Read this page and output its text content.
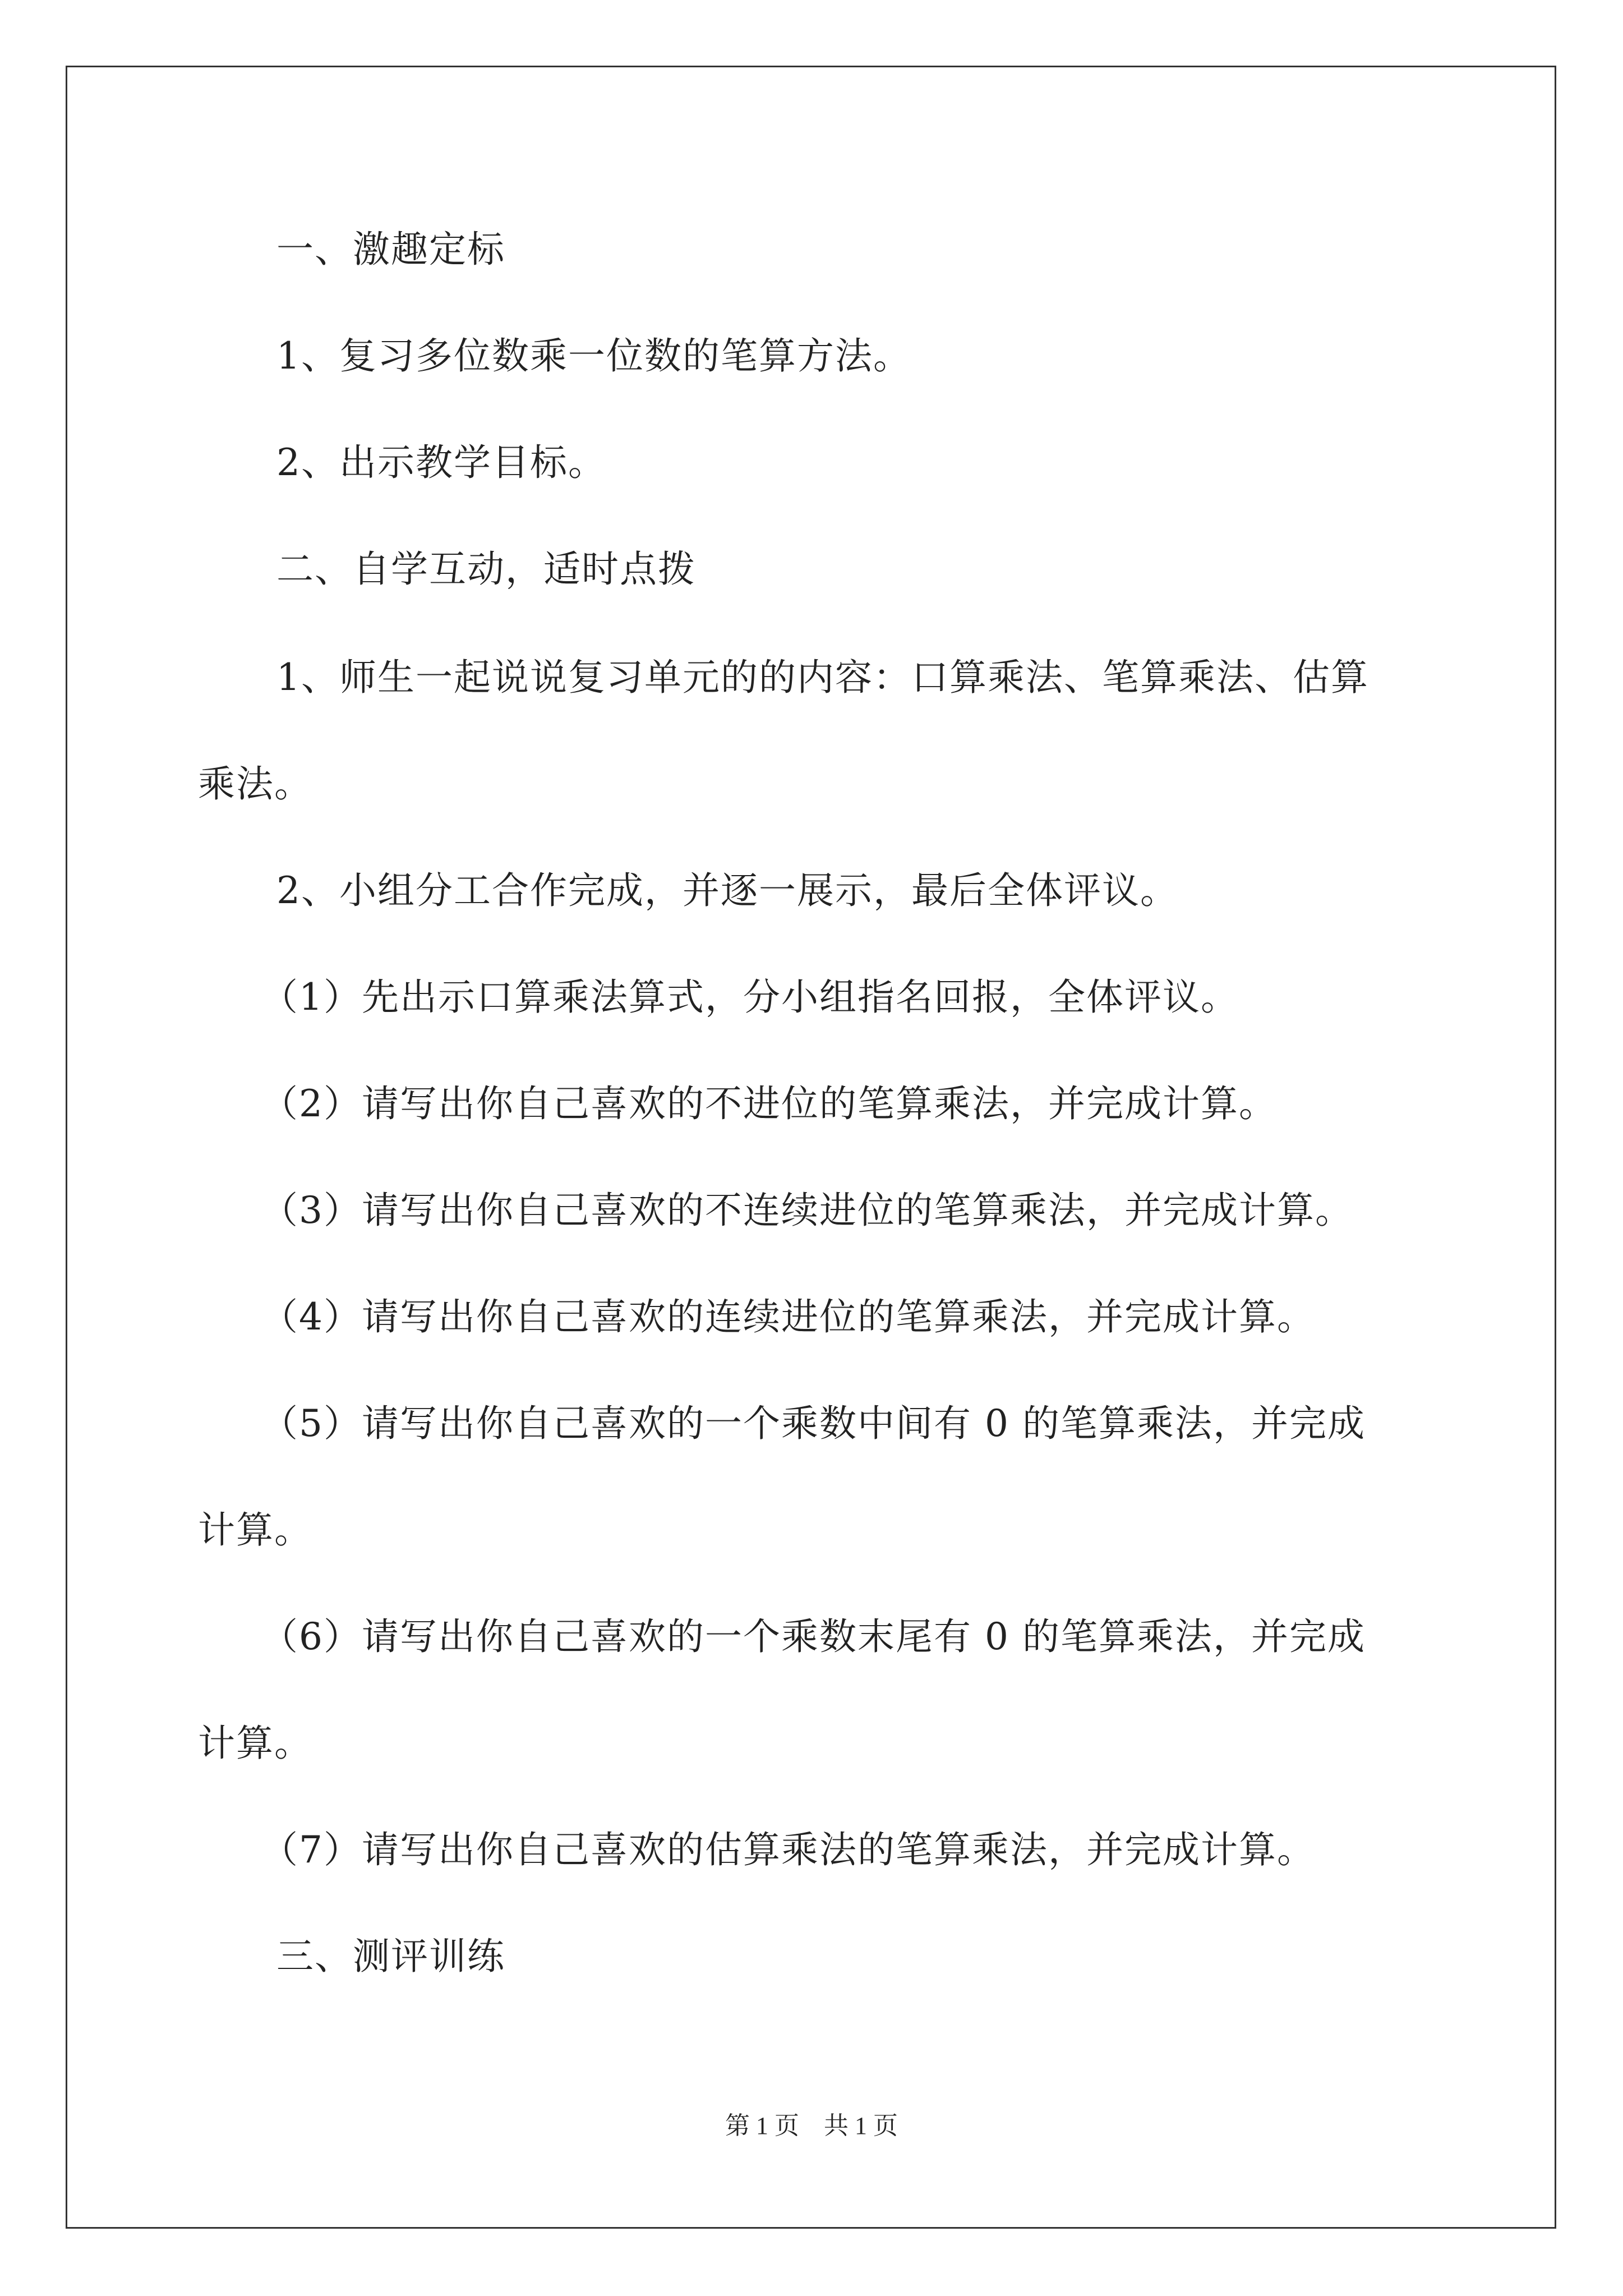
一、激趣定标
1、复习多位数乘一位数的笔算方法。
2、出示教学目标。
二、自学互动，适时点拨
1、师生一起说说复习单元的的内容：口算乘法、笔算乘法、估算
乘法。
2、小组分工合作完成，并逐一展示，最后全体评议。
（1）先出示口算乘法算式，分小组指名回报，全体评议。
（2）请写出你自己喜欢的不进位的笔算乘法，并完成计算。
（3）请写出你自己喜欢的不连续进位的笔算乘法，并完成计算。
（4）请写出你自己喜欢的连续进位的笔算乘法，并完成计算。
（5）请写出你自己喜欢的一个乘数中间有 0 的笔算乘法，并完成
计算。
（6）请写出你自己喜欢的一个乘数末尾有 0 的笔算乘法，并完成
计算。
（7）请写出你自己喜欢的估算乘法的笔算乘法，并完成计算。
三、测评训练
第 1 页　共 1 页
